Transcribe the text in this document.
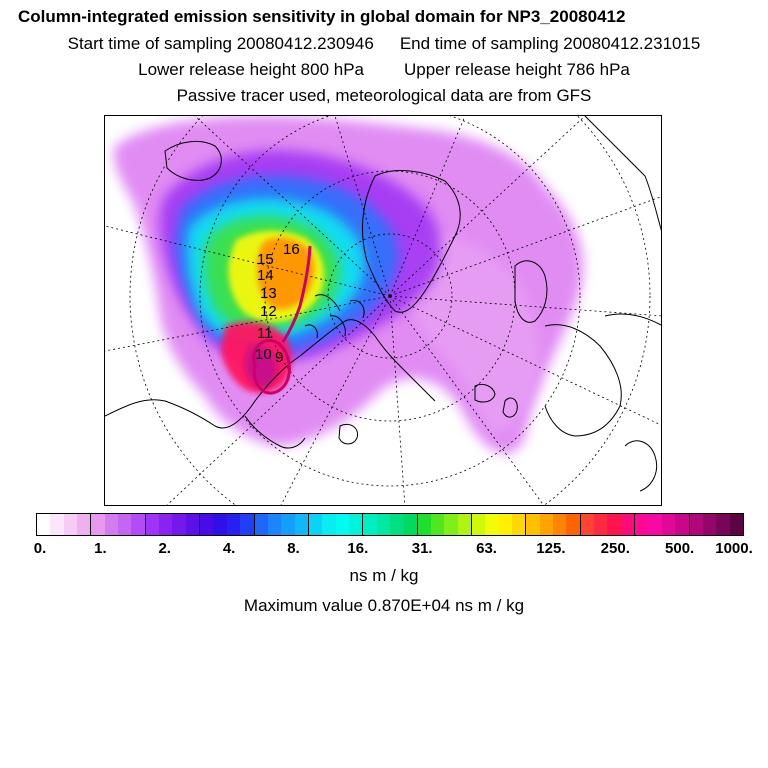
Column-integrated emission sensitivity in global domain for NP3_20080412
Start time of sampling 20080412.230946 End time of sampling 20080412.231015
Lower release height 800 hPa Upper release height 786 hPa
Passive tracer used, meteorological data are from GFS
16
15
14
13
12
11
10 9
0.	1.	2.	4.	8.	16.	31.	63.	125. 250. 500. 1000.
ns m / kg
Maximum value 0.870E+04 ns m / kg
